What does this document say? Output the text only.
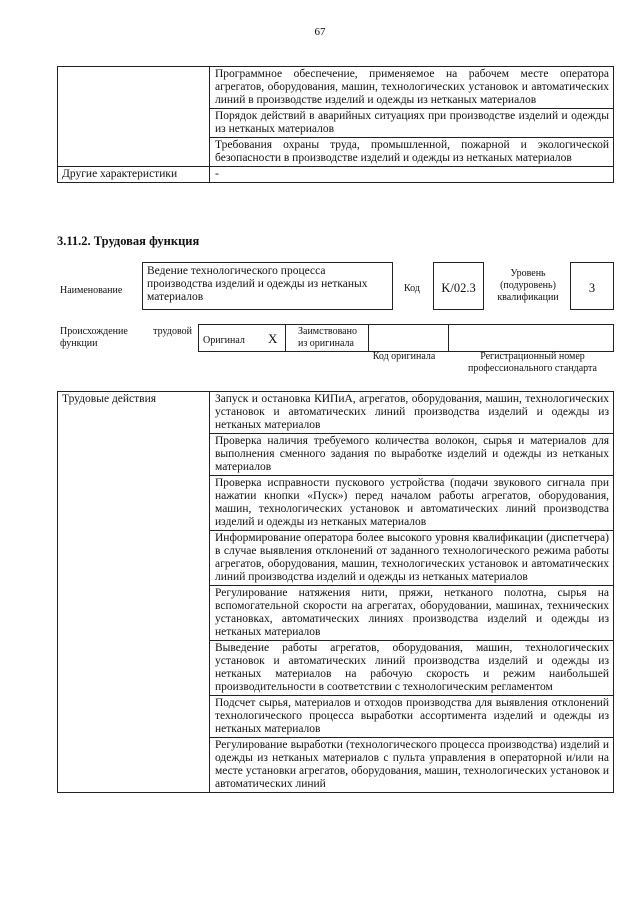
67
	Программное обеспечение, применяемое на рабочем месте оператора агрегатов, оборудования, машин, технологических установок и автоматических линий в производстве изделий и одежды из нетканых материалов
	Порядок действий в аварийных ситуациях при производстве изделий и одежды из нетканых материалов
	Требования охраны труда, промышленной, пожарной и экологической безопасности в производстве изделий и одежды из нетканых материалов
Другие характеристики	-
3.11.2. Трудовая функция
Наименование
Ведение технологического процесса производства изделий и одежды из нетканых материалов
Код	K/02.3
Уровень (подуровень) квалификации
3
Происхождение	трудовой
функции	Оригинал X Заимствовано из оригинала
Код оригинала	Регистрационный номер профессионального стандарта
Трудовые действия	Запуск и остановка КИПиА, агрегатов, оборудования, машин, технологических установок и автоматических линий производства изделий и одежды из нетканых материалов
Проверка наличия требуемого количества волокон, сырья и материалов для выполнения сменного задания по выработке изделий и одежды из нетканых материалов
Проверка исправности пускового устройства (подачи звукового сигнала при нажатии кнопки «Пуск») перед началом работы агрегатов, оборудования, машин, технологических установок и автоматических линий производства изделий и одежды из нетканых материалов
Информирование оператора более высокого уровня квалификации (диспетчера) в случае выявления отклонений от заданного технологического режима работы агрегатов, оборудования, машин, технологических установок и автоматических линий производства изделий и одежды из нетканых материалов
Регулирование натяжения нити, пряжи, нетканого полотна, сырья на вспомогательной скорости на агрегатах, оборудовании, машинах, технических установках, автоматических линиях производства изделий и одежды из нетканых материалов
Выведение работы агрегатов, оборудования, машин, технологических установок и автоматических линий производства изделий и одежды из нетканых материалов на рабочую скорость и режим наибольшей производительности в соответствии с технологическим регламентом
Подсчет сырья, материалов и отходов производства для выявления отклонений технологического процесса выработки ассортимента изделий и одежды из нетканых материалов
Регулирование выработки (технологического процесса производства) изделий и одежды из нетканых материалов с пульта управления в операторной и/или на месте установки агрегатов, оборудования, машин, технологических установок и автоматических линий
